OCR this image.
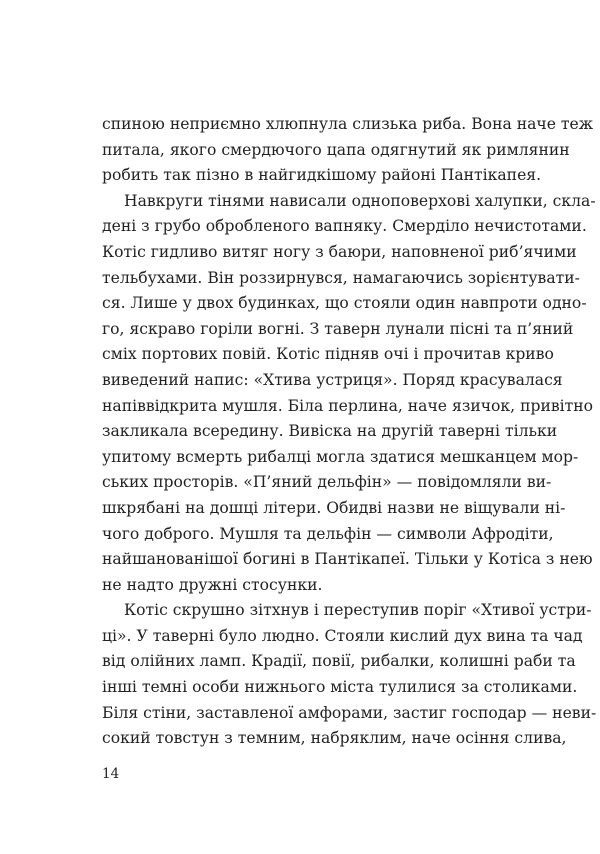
спиною неприємно хлюпнула слизька риба. Вона наче теж
питала, якого смердючого цапа одягнутий як римлянин
робить так пізно в найгидкішому районі Пантікапея.
Навкруги тінями нависали одноповерхові халупки, скла-
дені з грубо обробленого вапняку. Смерділо нечистотами.
Котіс гидливо витяг ногу з баюри, наповненої риб’ячими
тельбухами. Він роззирнувся, намагаючись зорієнтувати-
ся. Лише у двох будинках, що стояли один навпроти одно-
го, яскраво горіли вогні. З таверн лунали пісні та п’яний
сміх портових повій. Котіс підняв очі і прочитав криво
виведений напис: «Хтива устриця». Поряд красувалася
напіввідкрита мушля. Біла перлина, наче язичок, привітно
закликала всередину. Вивіска на другій таверні тільки
упитому всмерть рибалці могла здатися мешканцем мор-
ських просторів. «П’яний дельфін» — повідомляли ви-
шкрябані на дошці літери. Обидві назви не віщували ні-
чого доброго. Мушля та дельфін — символи Афродіти,
найшанованішої богині в Пантікапеї. Тільки у Котіса з нею
не надто дружні стосунки.
Котіс скрушно зітхнув і переступив поріг «Хтивої устри-
ці». У таверні було людно. Стояли кислий дух вина та чад
від олійних ламп. Крадії, повії, рибалки, колишні раби та
інші темні особи нижнього міста тулилися за столиками.
Біля стіни, заставленої амфорами, застиг господар — неви-
сокий товстун з темним, набряклим, наче осіння слива,
14
